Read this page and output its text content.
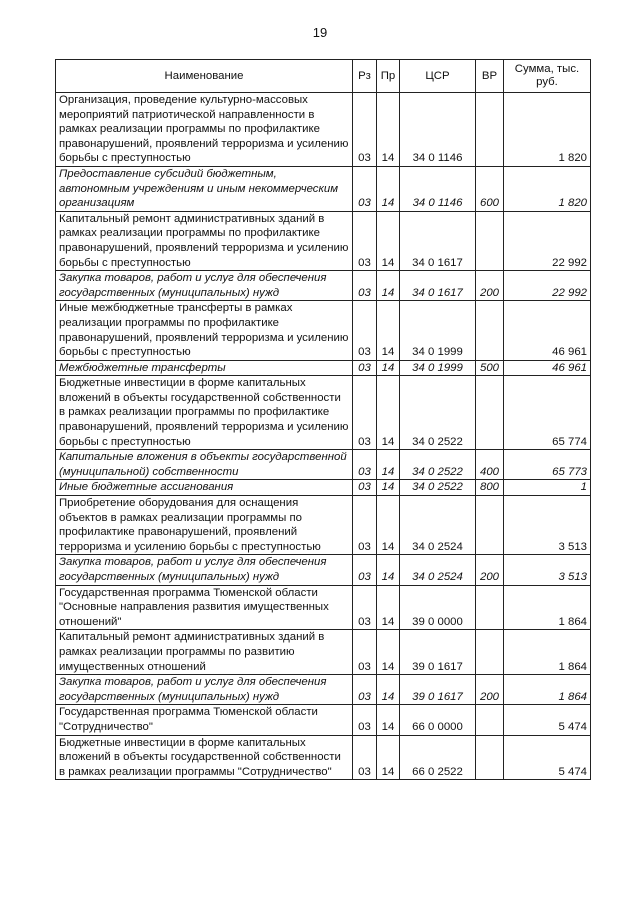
19
Наименование	Рз	Пр	ЦСР	ВР	Сумма, тыс. руб.
Организация, проведение культурно-массовых мероприятий патриотической направленности в рамках реализации программы по профилактике правонарушений, проявлений терроризма и усилению борьбы с преступностью	03	14	34 0 1146		1 820
Предоставление субсидий бюджетным, автономным учреждениям и иным некоммерческим организациям	03	14	34 0 1146	600	1 820
Капитальный ремонт административных зданий в рамках реализации программы по профилактике правонарушений, проявлений терроризма и усилению борьбы с преступностью	03	14	34 0 1617		22 992
Закупка товаров, работ и услуг для обеспечения государственных (муниципальных) нужд	03	14	34 0 1617	200	22 992
Иные межбюджетные трансферты в рамках реализации программы по профилактике правонарушений, проявлений терроризма и усилению борьбы с преступностью	03	14	34 0 1999		46 961
Межбюджетные трансферты	03	14	34 0 1999	500	46 961
Бюджетные инвестиции в форме капитальных вложений в объекты государственной собственности в рамках реализации программы по профилактике правонарушений, проявлений терроризма и усилению борьбы с преступностью	03	14	34 0 2522		65 774
Капитальные вложения в объекты государственной (муниципальной) собственности	03	14	34 0 2522	400	65 773
Иные бюджетные ассигнования	03	14	34 0 2522	800	1
Приобретение оборудования для оснащения объектов в рамках реализации программы по профилактике правонарушений, проявлений терроризма и усилению борьбы с преступностью	03	14	34 0 2524		3 513
Закупка товаров, работ и услуг для обеспечения государственных (муниципальных) нужд	03	14	34 0 2524	200	3 513
Государственная программа Тюменской области "Основные направления развития имущественных отношений"	03	14	39 0 0000		1 864
Капитальный ремонт административных зданий в рамках реализации программы по развитию имущественных отношений	03	14	39 0 1617		1 864
Закупка товаров, работ и услуг для обеспечения государственных (муниципальных) нужд	03	14	39 0 1617	200	1 864
Государственная программа Тюменской области "Сотрудничество"	03	14	66 0 0000		5 474
Бюджетные инвестиции в форме капитальных вложений в объекты государственной собственности в рамках реализации программы "Сотрудничество"	03	14	66 0 2522		5 474
